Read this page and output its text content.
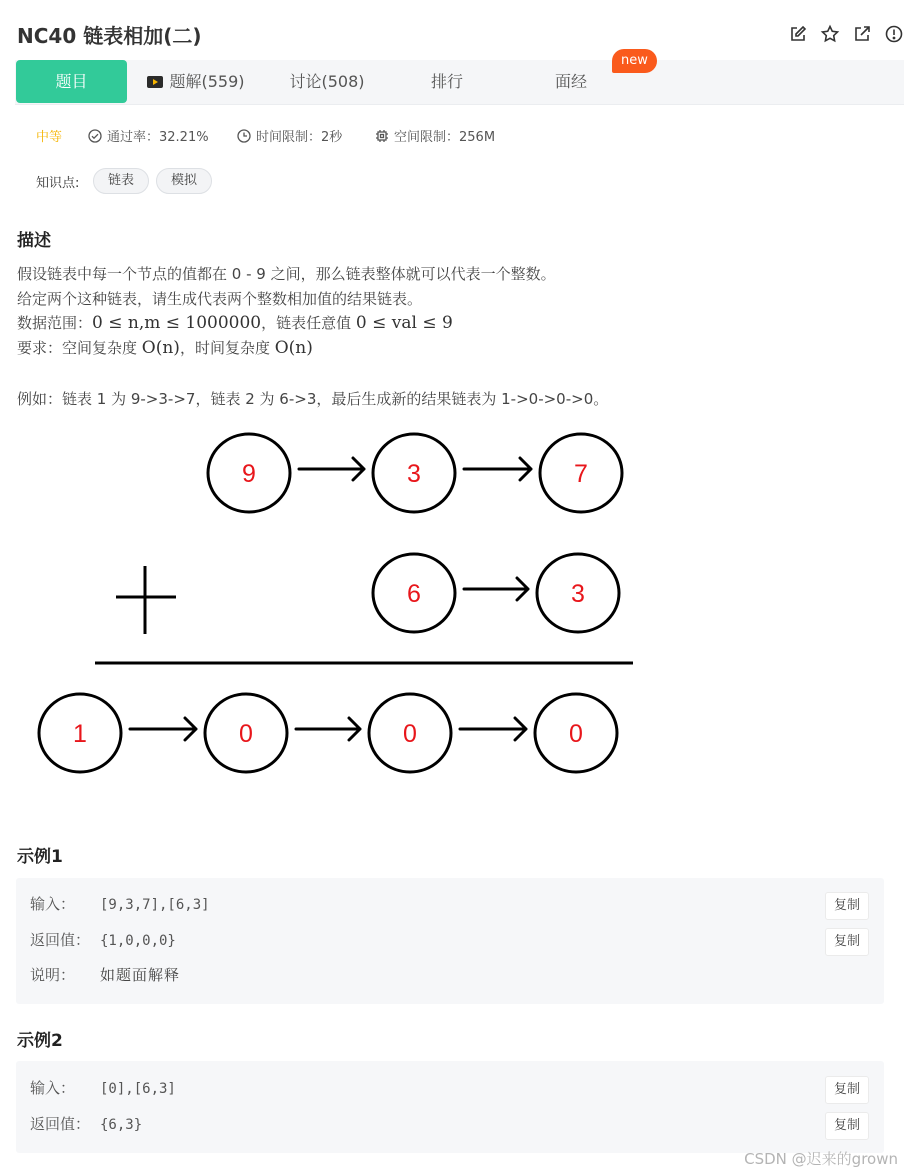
NC40 链表相加(二)
题目	题解(559)	讨论(508)	排行	面经
new
中等	通过率：32.21%	时间限制：2秒	空间限制：256M
知识点:	链表	模拟
描述
假设链表中每一个节点的值都在 0 - 9 之间，那么链表整体就可以代表一个整数。
给定两个这种链表，请生成代表两个整数相加值的结果链表。
数据范围：0 ≤ n,m ≤ 1000000，链表任意值 0 ≤ val ≤ 9
要求：空间复杂度 O(n)，时间复杂度 O(n)
例如：链表 1 为 9->3->7，链表 2 为 6->3，最后生成新的结果链表为 1->0->0->0。
9	3	7
6	3
1	0	0	0
示例1
输入： [9,3,7],[6,3]	复制
返回值： {1,0,0,0}	复制
说明： 如题面解释
示例2
输入： [0],[6,3]	复制
返回值： {6,3}	复制
CSDN @迟来的grown
